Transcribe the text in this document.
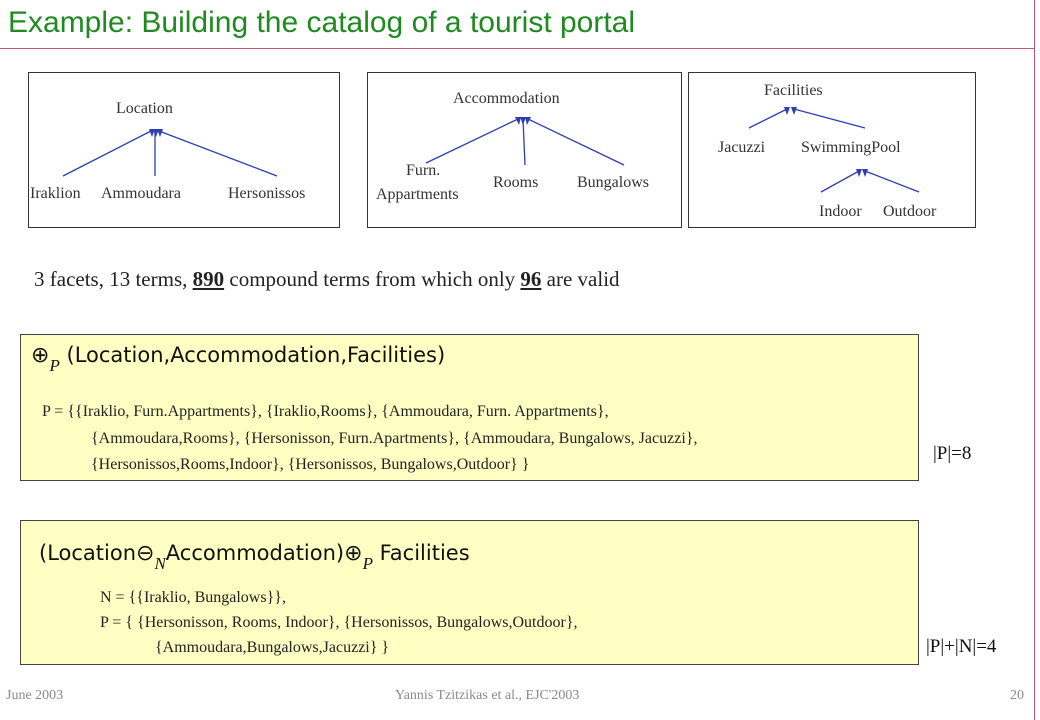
Example: Building the catalog of a tourist portal
Location
Iraklion Ammoudara	Hersonissos
Accommodation
Furn.
Appartments
Rooms Bungalows
Facilities
Jacuzzi SwimmingPool
Indoor Outdoor
3 facets, 13 terms, 890 compound terms from which only 96 are valid
$\oplus_P$ (Location,Accommodation,Facilities)
P = {{Iraklio, Furn.Appartments}, {Iraklio,Rooms}, {Ammoudara, Furn. Appartments},
{Ammoudara,Rooms}, {Hersonisson, Furn.Apartments}, {Ammoudara, Bungalows, Jacuzzi},
{Hersonissos,Rooms,Indoor}, {Hersonissos, Bungalows,Outdoor} }
|P|=8
$(Location⊖_NAccommodation)\oplus_P$ Facilities
N = {{Iraklio, Bungalows}},
P = { {Hersonisson, Rooms, Indoor}, {Hersonissos, Bungalows,Outdoor},
{Ammoudara,Bungalows,Jacuzzi} }	|P|+|N|=4
June 2003	Yannis Tzitzikas et al., EJC'2003	20
